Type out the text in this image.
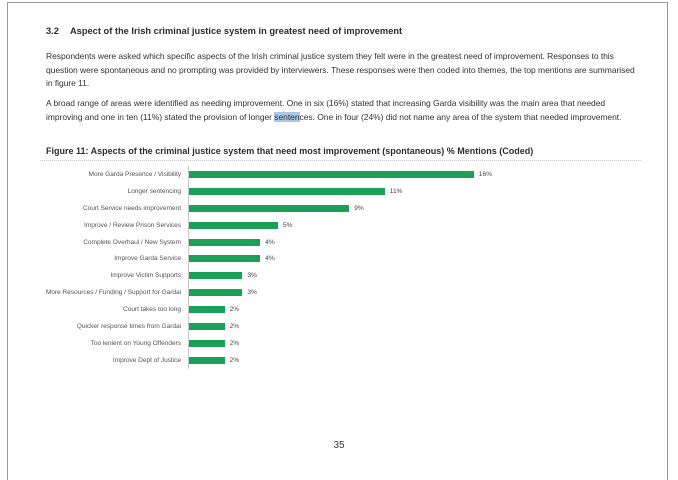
3.2 Aspect of the Irish criminal justice system in greatest need of improvement

Respondents were asked which specific aspects of the Irish criminal justice system they felt were in the greatest need of improvement. Responses to this question were spontaneous and no prompting was provided by interviewers. These responses were then coded into themes, the top mentions are summarised in figure 11.

A broad range of areas were identified as needing improvement. One in six (16%) stated that increasing Garda visibility was the main area that needed improving and one in ten (11%) stated the provision of longer sentences. One in four (24%) did not name any area of the system that needed improvement.

Figure 11: Aspects of the criminal justice system that need most improvement (spontaneous) % Mentions (Coded)
More Garda Presence / Visibility	16%
Longer sentencing	11%
Court Service needs improvement	9%
Improve / Review Prison Services	5%
Complete Overhaul / New System	4%
Improve Garda Service	4%
Improve Victim Supports	3%
More Resources / Funding / Support for Gardai	3%
Court takes too long	2%
Quicker response times from Gardai	2%
Too lenient on Young Offenders	2%
Improve Dept of Justice	2%
35
